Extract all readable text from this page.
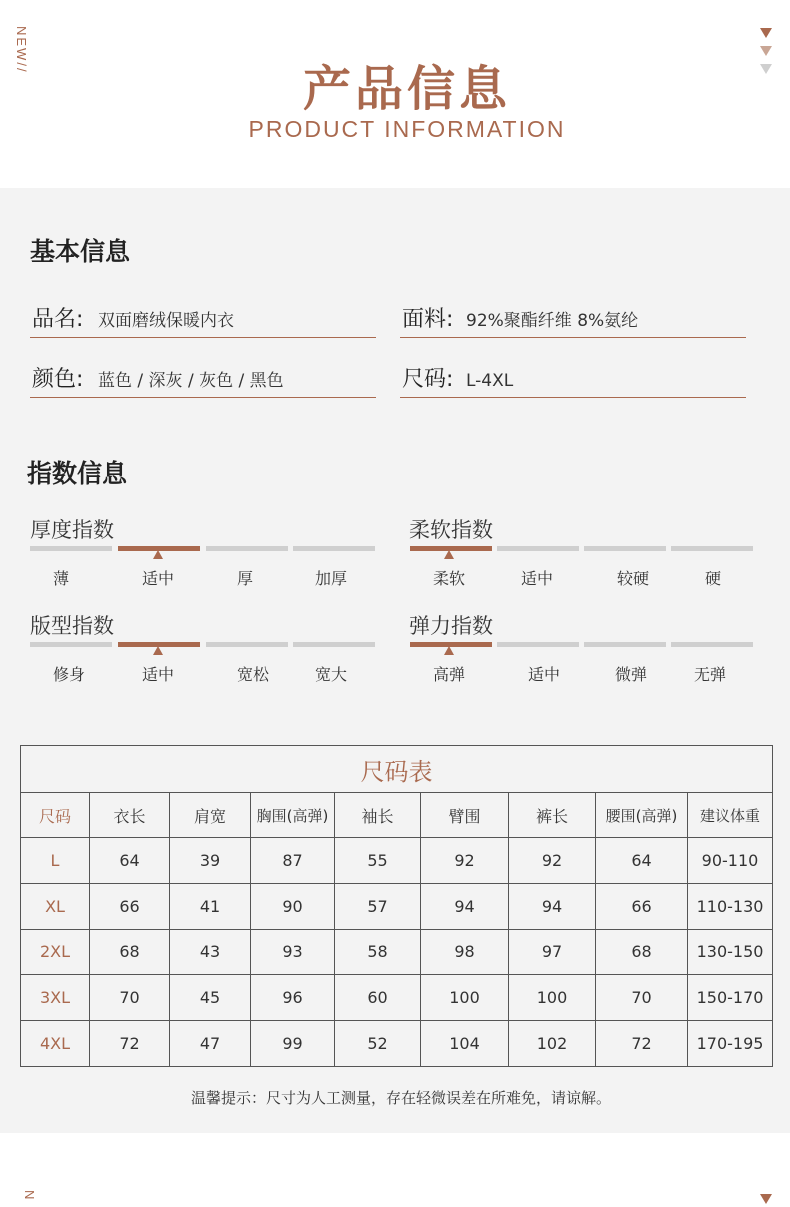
NEW//
产品信息
PRODUCT INFORMATION
基本信息
品名: 双面磨绒保暖内衣	面料: 92%聚酯纤维 8%氨纶
颜色: 蓝色 / 深灰 / 灰色 / 黑色	尺码: L-4XL
指数信息
厚度指数
薄	适中	厚	加厚
柔软指数
柔软	适中	较硬	硬
版型指数
修身	适中	宽松	宽大
弹力指数
高弹	适中	微弹	无弹
尺码表								
尺码	衣长	肩宽	胸围(高弹)	袖长	臂围	裤长	腰围(高弹)	建议体重
L	64	39	87	55	92	92	64	90-110
XL	66	41	90	57	94	94	66	110-130
2XL	68	43	93	58	98	97	68	130-150
3XL	70	45	96	60	100	100	70	150-170
4XL	72	47	99	52	104	102	72	170-195
温馨提示：尺寸为人工测量，存在轻微误差在所难免，请谅解。
N
